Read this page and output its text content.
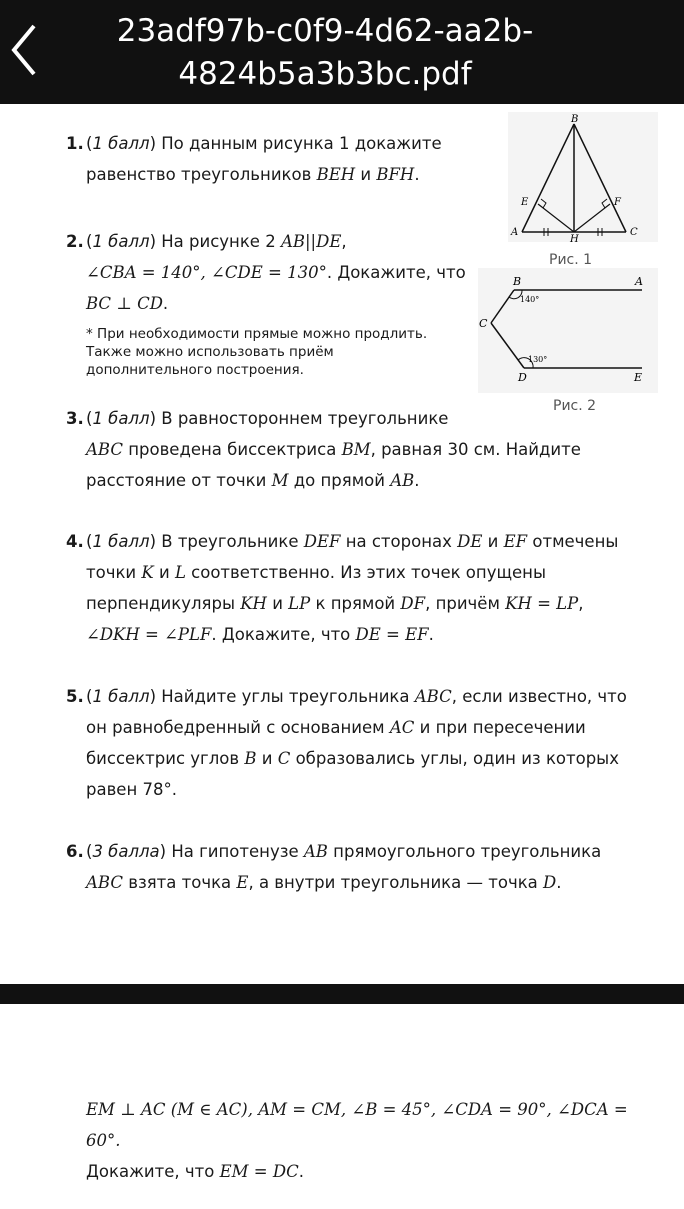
23adf97b-c0f9-4d62-aa2b-4824b5a3b3bc.pdf
B
E	F
A
H
C
Рис. 1
B	A
C
D	E
140°
130°
Рис. 2
1. (1 балл) По данным рисунка 1 докажите
равенство треугольников BEH и BFH.
2. (1 балл) На рисунке 2 AB||DE,
∠CBA = 140°, ∠CDE = 130°. Докажите, что
BC ⊥ CD.
* При необходимости прямые можно продлить. Также можно использовать приём дополнительного построения.
3. (1 балл) В равностороннем треугольнике
ABC проведена биссектриса BM, равная 30 см. Найдите
расстояние от точки M до прямой AB.
4. (1 балл) В треугольнике DEF на сторонах DE и EF отмечены
точки K и L соответственно. Из этих точек опущены
перпендикуляры KH и LP к прямой DF, причём KH = LP,
∠DKH = ∠PLF. Докажите, что DE = EF.
5. (1 балл) Найдите углы треугольника ABC, если известно, что
он равнобедренный с основанием AC и при пересечении
биссектрис углов B и C образовались углы, один из которых
равен 78°.
6. (3 балла) На гипотенузе AB прямоугольного треугольника
ABC взята точка E, а внутри треугольника — точка D.
EM ⊥ AC (M ∈ AC), AM = CM, ∠B = 45°, ∠CDA = 90°, ∠DCA = 60°.
Докажите, что EM = DC.
